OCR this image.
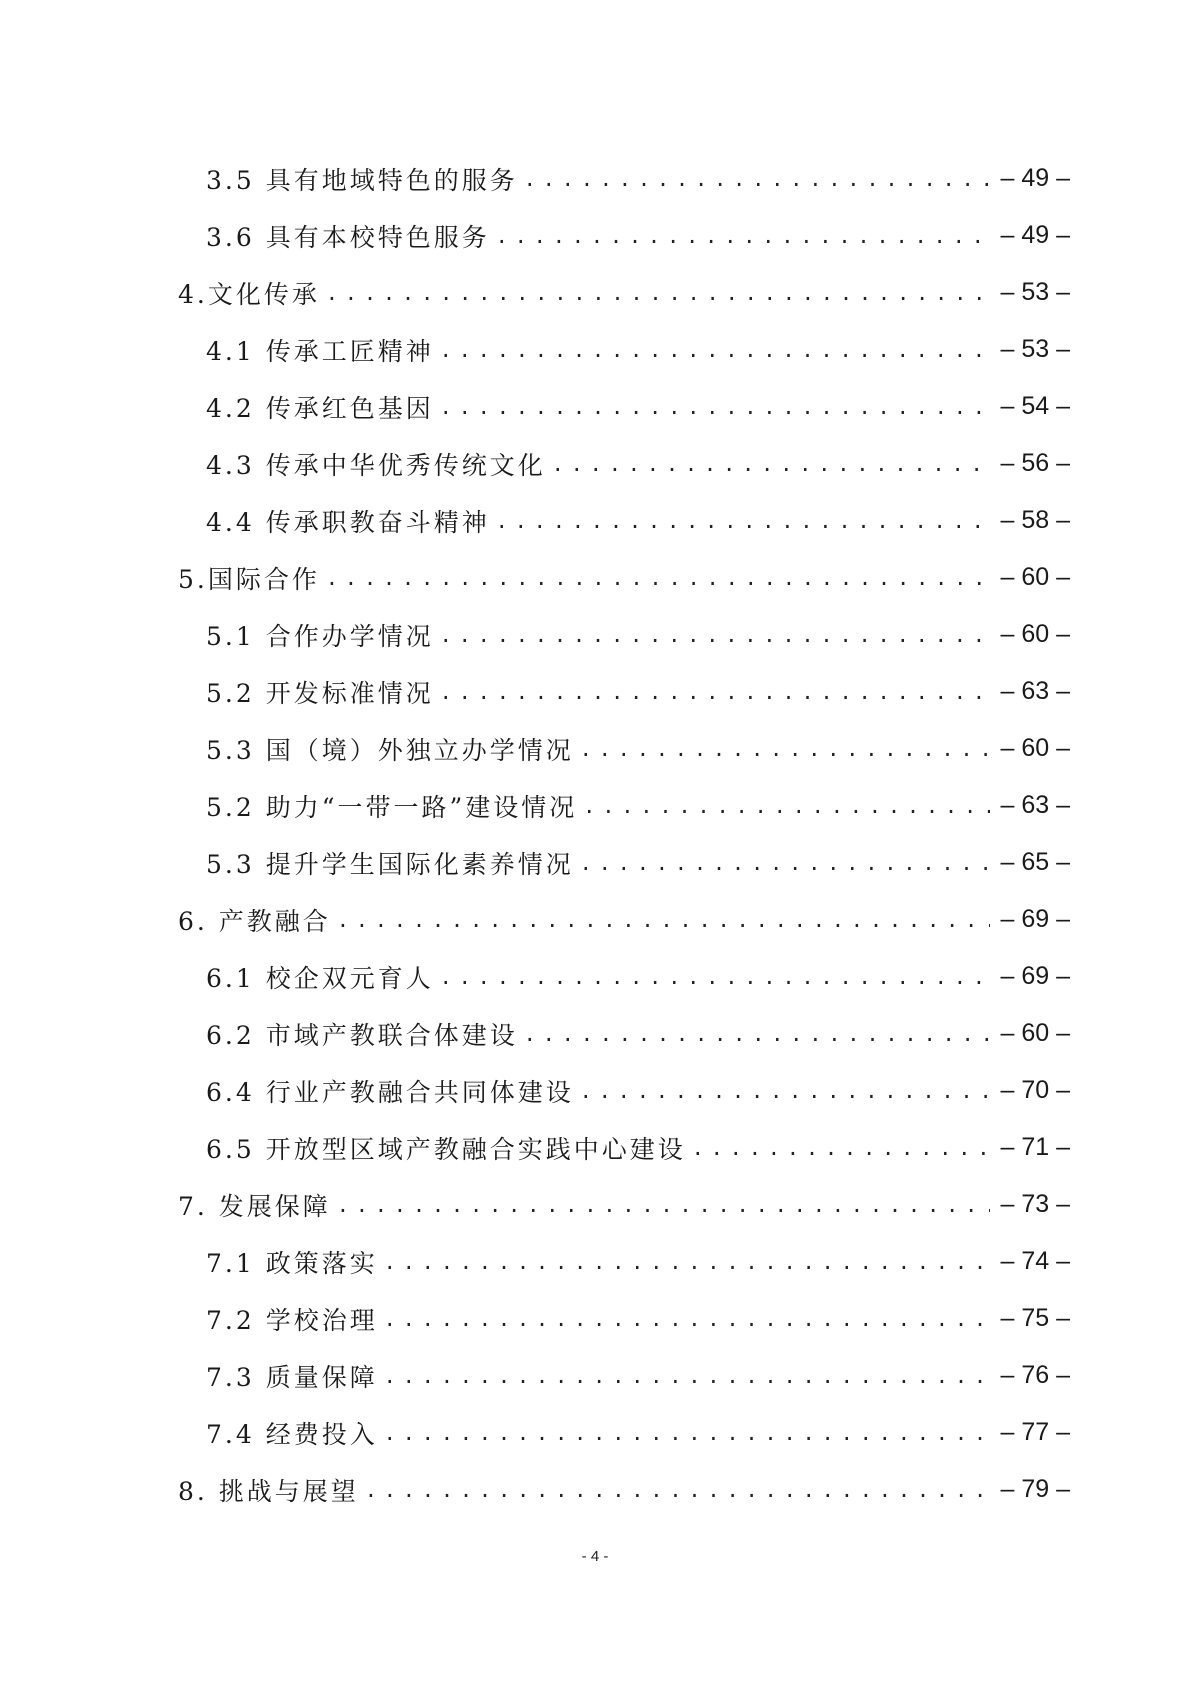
3.5 具有地域特色的服务 .....	– 49 –
3.6 具有本校特色服务 .....	– 49 –
4.文化传承 .....	– 53 –
4.1 传承工匠精神 .....	– 53 –
4.2 传承红色基因 .....	– 54 –
4.3 传承中华优秀传统文化 .....	– 56 –
4.4 传承职教奋斗精神 .....	– 58 –
5.国际合作 .....	– 60 –
5.1 合作办学情况 .....	– 60 –
5.2 开发标准情况 .....	– 63 –
5.3 国（境）外独立办学情况 .....	– 60 –
5.2 助力“一带一路”建设情况 .....	– 63 –
5.3 提升学生国际化素养情况 .....	– 65 –
6. 产教融合 .....	– 69 –
6.1 校企双元育人 .....	– 69 –
6.2 市域产教联合体建设 .....	– 60 –
6.4 行业产教融合共同体建设 .....	– 70 –
6.5 开放型区域产教融合实践中心建设 .....	– 71 –
7. 发展保障 .....	– 73 –
7.1 政策落实 .....	– 74 –
7.2 学校治理 .....	– 75 –
7.3 质量保障 .....	– 76 –
7.4 经费投入 .....	– 77 –
8. 挑战与展望 .....	– 79 –
- 4 -
